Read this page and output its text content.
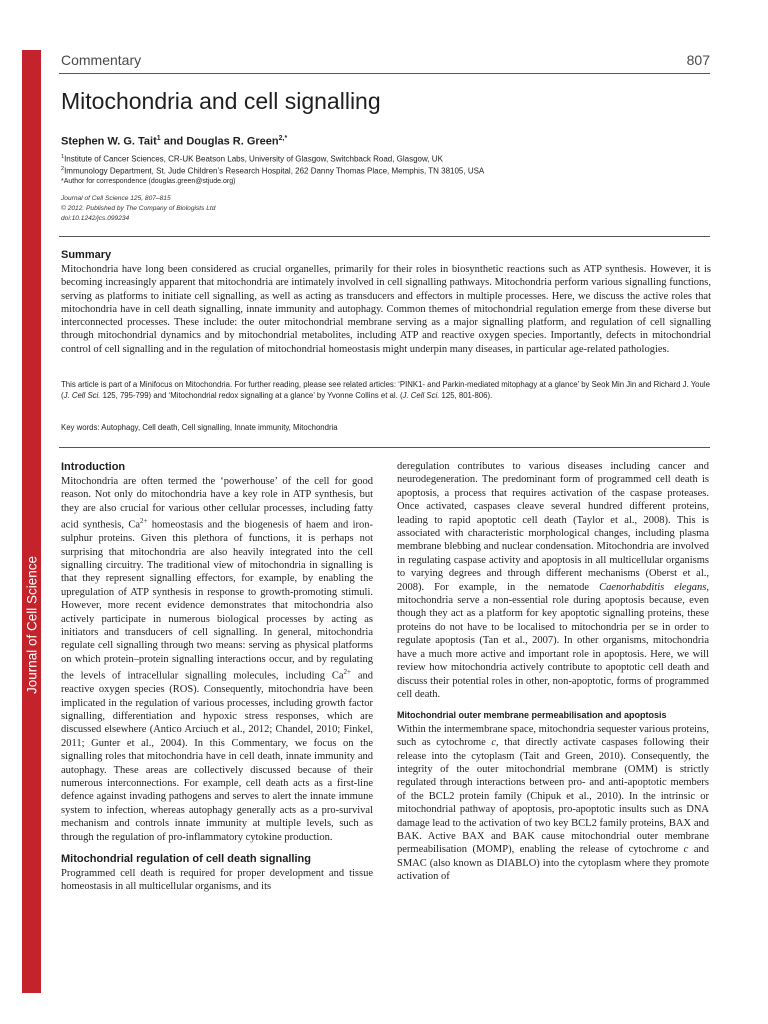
Journal of Cell Science
Commentary	807
Mitochondria and cell signalling
Stephen W. G. Tait$^1$ and Douglas R. Green$^{2,*}$
$^1$Institute of Cancer Sciences, CR-UK Beatson Labs, University of Glasgow, Switchback Road, Glasgow, UK
$^2$Immunology Department, St. Jude Children’s Research Hospital, 262 Danny Thomas Place, Memphis, TN 38105, USA
*Author for correspondence (douglas.green@stjude.org)
Journal of Cell Science 125, 807–815
© 2012. Published by The Company of Biologists Ltd
doi:10.1242/jcs.099234
Summary

Mitochondria have long been considered as crucial organelles, primarily for their roles in biosynthetic reactions such as ATP synthesis. However, it is becoming increasingly apparent that mitochondria are intimately involved in cell signalling pathways. Mitochondria perform various signalling functions, serving as platforms to initiate cell signalling, as well as acting as transducers and effectors in multiple processes. Here, we discuss the active roles that mitochondria have in cell death signalling, innate immunity and autophagy. Common themes of mitochondrial regulation emerge from these diverse but interconnected processes. These include: the outer mitochondrial membrane serving as a major signalling platform, and regulation of cell signalling through mitochondrial dynamics and by mitochondrial metabolites, including ATP and reactive oxygen species. Importantly, defects in mitochondrial control of cell signalling and in the regulation of mitochondrial homeostasis might underpin many diseases, in particular age-related pathologies.

This article is part of a Minifocus on Mitochondria. For further reading, please see related articles: ‘PINK1- and Parkin-mediated mitophagy at a glance’ by Seok Min Jin and Richard J. Youle (J. Cell Sci. 125, 795-799) and ‘Mitochondrial redox signalling at a glance’ by Yvonne Collins et al. (J. Cell Sci. 125, 801-806).

Key words: Autophagy, Cell death, Cell signalling, Innate immunity, Mitochondria

Introduction

Mitochondria are often termed the ‘powerhouse’ of the cell for good reason. Not only do mitochondria have a key role in ATP synthesis, but they are also crucial for various other cellular processes, including fatty acid synthesis, $Ca^{2+}$ homeostasis and the biogenesis of haem and iron-sulphur proteins. Given this plethora of functions, it is perhaps not surprising that mitochondria are also heavily integrated into the cell signalling circuitry. The traditional view of mitochondria in signalling is that they represent signalling effectors, for example, by enabling the upregulation of ATP synthesis in response to growth-promoting stimuli. However, more recent evidence demonstrates that mitochondria also actively participate in numerous biological processes by acting as initiators and transducers of cell signalling. In general, mitochondria regulate cell signalling through two means: serving as physical platforms on which protein–protein signalling interactions occur, and by regulating the levels of intracellular signalling molecules, including $Ca^{2+}$ and reactive oxygen species (ROS). Consequently, mitochondria have been implicated in the regulation of various processes, including growth factor signalling, differentiation and hypoxic stress responses, which are discussed elsewhere (Antico Arciuch et al., 2012; Chandel, 2010; Finkel, 2011; Gunter et al., 2004). In this Commentary, we focus on the signalling roles that mitochondria have in cell death, innate immunity and autophagy. These areas are collectively discussed because of their numerous interconnections. For example, cell death acts as a first-line defence against invading pathogens and serves to alert the innate immune system to infection, whereas autophagy generally acts as a pro-survival mechanism and controls innate immunity at multiple levels, such as through the regulation of pro-inflammatory cytokine production.

Mitochondrial regulation of cell death signalling

Programmed cell death is required for proper development and tissue homeostasis in all multicellular organisms, and its

deregulation contributes to various diseases including cancer and neurodegeneration. The predominant form of programmed cell death is apoptosis, a process that requires activation of the caspase proteases. Once activated, caspases cleave several hundred different proteins, leading to rapid apoptotic cell death (Taylor et al., 2008). This is associated with characteristic morphological changes, including plasma membrane blebbing and nuclear condensation. Mitochondria are involved in regulating caspase activity and apoptosis in all multicellular organisms to varying degrees and through different mechanisms (Oberst et al., 2008). For example, in the nematode Caenorhabditis elegans, mitochondria serve a non-essential role during apoptosis because, even though they act as a platform for key apoptotic signalling proteins, these proteins do not have to be localised to mitochondria per se in order to regulate apoptosis (Tan et al., 2007). In other organisms, mitochondria have a much more active and important role in apoptosis. Here, we will review how mitochondria actively contribute to apoptotic cell death and discuss their potential roles in other, non-apoptotic, forms of programmed cell death.

Mitochondrial outer membrane permeabilisation and apoptosis

Within the intermembrane space, mitochondria sequester various proteins, such as cytochrome c, that directly activate caspases following their release into the cytoplasm (Tait and Green, 2010). Consequently, the integrity of the outer mitochondrial membrane (OMM) is strictly regulated through interactions between pro- and anti-apoptotic members of the BCL2 protein family (Chipuk et al., 2010). In the intrinsic or mitochondrial pathway of apoptosis, pro-apoptotic insults such as DNA damage lead to the activation of two key BCL2 family proteins, BAX and BAK. Active BAX and BAK cause mitochondrial outer membrane permeabilisation (MOMP), enabling the release of cytochrome c and SMAC (also known as DIABLO) into the cytoplasm where they promote activation of
